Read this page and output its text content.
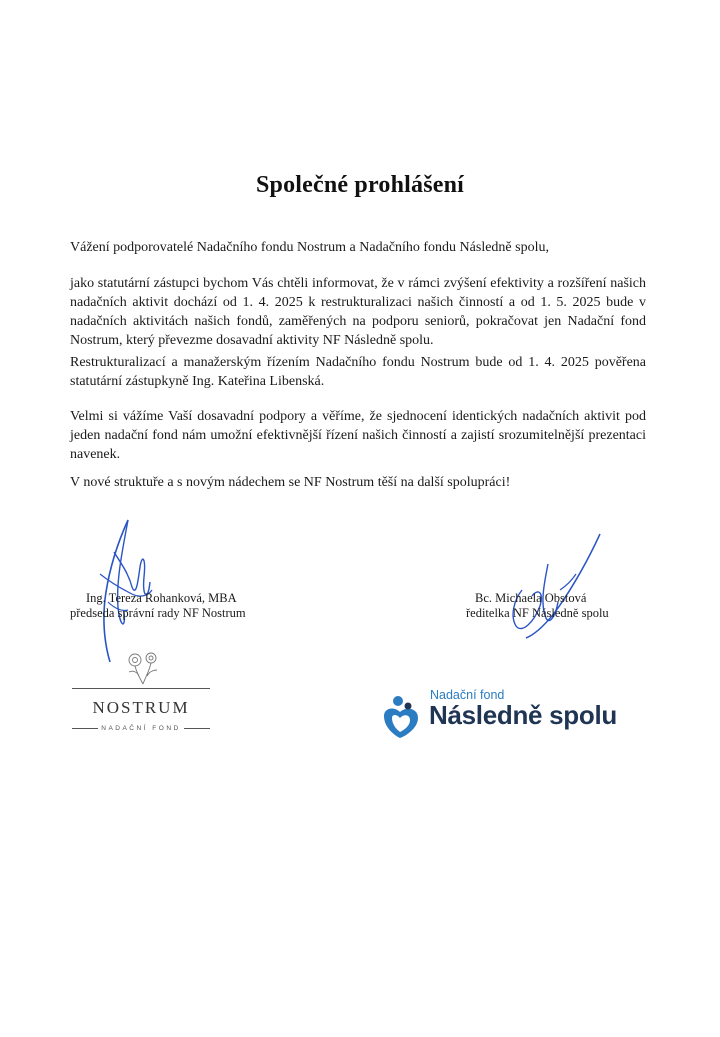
Společné prohlášení
Vážení podporovatelé Nadačního fondu Nostrum a Nadačního fondu Následně spolu,
jako statutární zástupci bychom Vás chtěli informovat, že v rámci zvýšení efektivity a rozšíření našich nadačních aktivit dochází od 1. 4. 2025 k restrukturalizaci našich činností a od 1. 5. 2025 bude v nadačních aktivitách našich fondů, zaměřených na podporu seniorů, pokračovat jen Nadační fond Nostrum, který převezme dosavadní aktivity NF Následně spolu.
Restrukturalizací a manažerským řízením Nadačního fondu Nostrum bude od 1. 4. 2025 pověřena statutární zástupkyně Ing. Kateřina Libenská.
Velmi si vážíme Vaší dosavadní podpory a věříme, že sjednocení identických nadačních aktivit pod jeden nadační fond nám umožní efektivnější řízení našich činností a zajistí srozumitelnější prezentaci navenek.
V nové struktuře a s novým nádechem se NF Nostrum těší na další spolupráci!
Ing. Tereza Rohanková, MBA
předseda správní rady NF Nostrum
Bc. Michaela Obstová
ředitelka NF Následně spolu
NOSTRUM
NADAČNÍ FOND
Nadační fond
Následně spolu
